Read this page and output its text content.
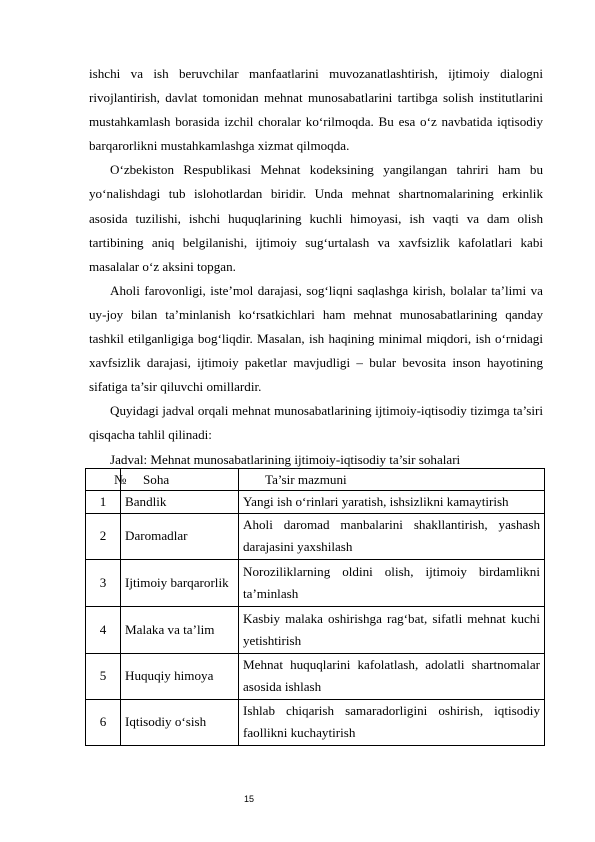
ishchi va ish beruvchilar manfaatlarini muvozanatlashtirish, ijtimoiy dialogni rivojlantirish, davlat tomonidan mehnat munosabatlarini tartibga solish institutlarini mustahkamlash borasida izchil choralar ko‘rilmoqda. Bu esa o‘z navbatida iqtisodiy barqarorlikni mustahkamlashga xizmat qilmoqda.

O‘zbekiston Respublikasi Mehnat kodeksining yangilangan tahriri ham bu yo‘nalishdagi tub islohotlardan biridir. Unda mehnat shartnomalarining erkinlik asosida tuzilishi, ishchi huquqlarining kuchli himoyasi, ish vaqti va dam olish tartibining aniq belgilanishi, ijtimoiy sug‘urtalash va xavfsizlik kafolatlari kabi masalalar o‘z aksini topgan.

Aholi farovonligi, iste’mol darajasi, sog‘liqni saqlashga kirish, bolalar ta’limi va uy-joy bilan ta’minlanish ko‘rsatkichlari ham mehnat munosabatlarining qanday tashkil etilganligiga bog‘liqdir. Masalan, ish haqining minimal miqdori, ish o‘rnidagi xavfsizlik darajasi, ijtimoiy paketlar mavjudligi – bular bevosita inson hayotining sifatiga ta’sir qiluvchi omillardir.

Quyidagi jadval orqali mehnat munosabatlarining ijtimoiy-iqtisodiy tizimga ta’siri qisqacha tahlil qilinadi:

Jadval: Mehnat munosabatlarining ijtimoiy-iqtisodiy ta’sir sohalari

№	Soha	Ta’sir mazmuni
1	Bandlik	Yangi ish o‘rinlari yaratish, ishsizlikni kamaytirish
2	Daromadlar	Aholi daromad manbalarini shakllantirish, yashash darajasini yaxshilash
3	Ijtimoiy barqarorlik	Noroziliklarning oldini olish, ijtimoiy birdamlikni ta’minlash
4	Malaka va ta’lim	Kasbiy malaka oshirishga rag‘bat, sifatli mehnat kuchi yetishtirish
5	Huquqiy himoya	Mehnat huquqlarini kafolatlash, adolatli shartnomalar asosida ishlash
6	Iqtisodiy o‘sish	Ishlab chiqarish samaradorligini oshirish, iqtisodiy faollikni kuchaytirish
15
